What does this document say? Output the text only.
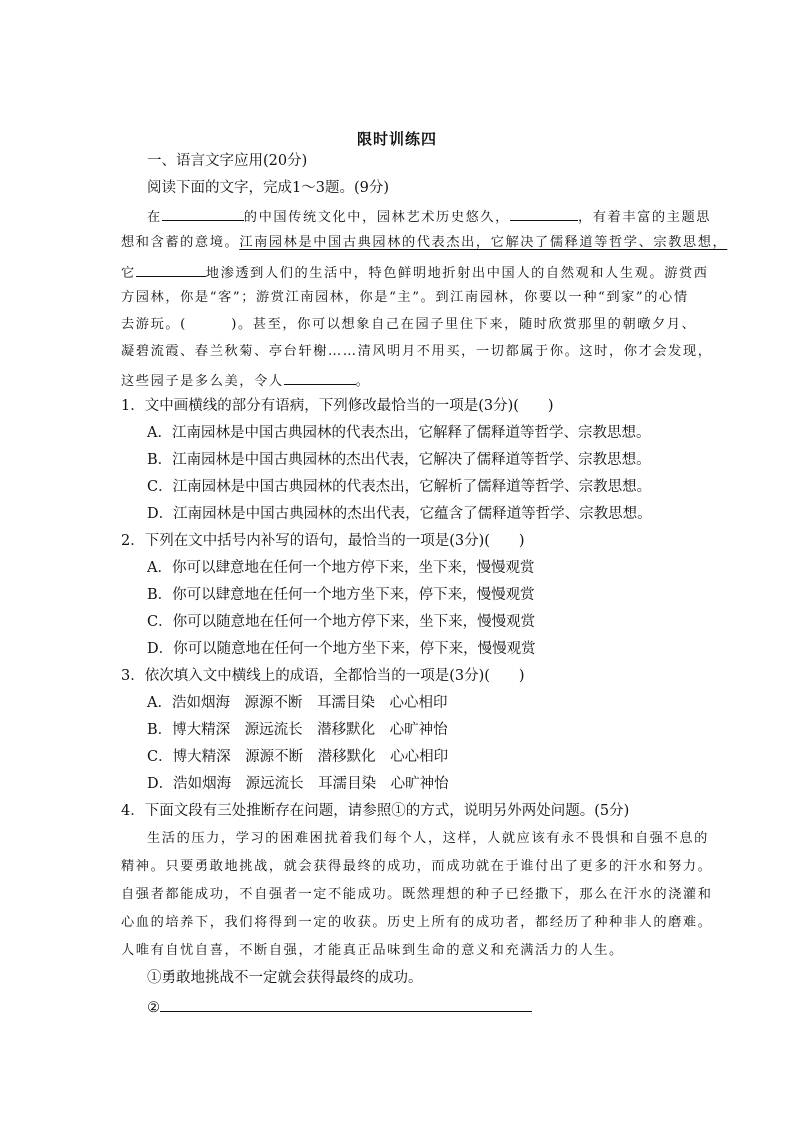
限时训练四
一、语言文字应用(20分)
阅读下面的文字，完成1～3题。(9分)
在	的中国传统文化中，园林艺术历史悠久，	，有着丰富的主题思
想和含蓄的意境。江南园林是中国古典园林的代表杰出，它解决了儒释道等哲学、宗教思想，
它	地渗透到人们的生活中，特色鲜明地折射出中国人的自然观和人生观。游赏西
方园林，你是“客”；游赏江南园林，你是“主”。到江南园林，你要以一种“到家”的心情
去游玩。(　　　)。甚至，你可以想象自己在园子里住下来，随时欣赏那里的朝暾夕月、
凝碧流霞、春兰秋菊、亭台轩榭……清风明月不用买，一切都属于你。这时，你才会发现，
这些园子是多么美，令人	。
1．文中画横线的部分有语病，下列修改最恰当的一项是(3分)(　　)
A．江南园林是中国古典园林的代表杰出，它解释了儒释道等哲学、宗教思想。
B．江南园林是中国古典园林的杰出代表，它解决了儒释道等哲学、宗教思想。
C．江南园林是中国古典园林的代表杰出，它解析了儒释道等哲学、宗教思想。
D．江南园林是中国古典园林的杰出代表，它蕴含了儒释道等哲学、宗教思想。
2．下列在文中括号内补写的语句，最恰当的一项是(3分)(　　)
A．你可以肆意地在任何一个地方停下来，坐下来，慢慢观赏
B．你可以肆意地在任何一个地方坐下来，停下来，慢慢观赏
C．你可以随意地在任何一个地方停下来，坐下来，慢慢观赏
D．你可以随意地在任何一个地方坐下来，停下来，慢慢观赏
3．依次填入文中横线上的成语，全都恰当的一项是(3分)(　　)
A．浩如烟海　源源不断　耳濡目染　心心相印
B．博大精深　源远流长　潜移默化　心旷神怡
C．博大精深　源源不断　潜移默化　心心相印
D．浩如烟海　源远流长　耳濡目染　心旷神怡
4．下面文段有三处推断存在问题，请参照①的方式，说明另外两处问题。(5分)
生活的压力，学习的困难困扰着我们每个人，这样，人就应该有永不畏惧和自强不息的
精神。只要勇敢地挑战，就会获得最终的成功，而成功就在于谁付出了更多的汗水和努力。
自强者都能成功，不自强者一定不能成功。既然理想的种子已经撒下，那么在汗水的浇灌和
心血的培养下，我们将得到一定的收获。历史上所有的成功者，都经历了种种非人的磨难。
人唯有自忧自喜，不断自强，才能真正品味到生命的意义和充满活力的人生。
①勇敢地挑战不一定就会获得最终的成功。
②
